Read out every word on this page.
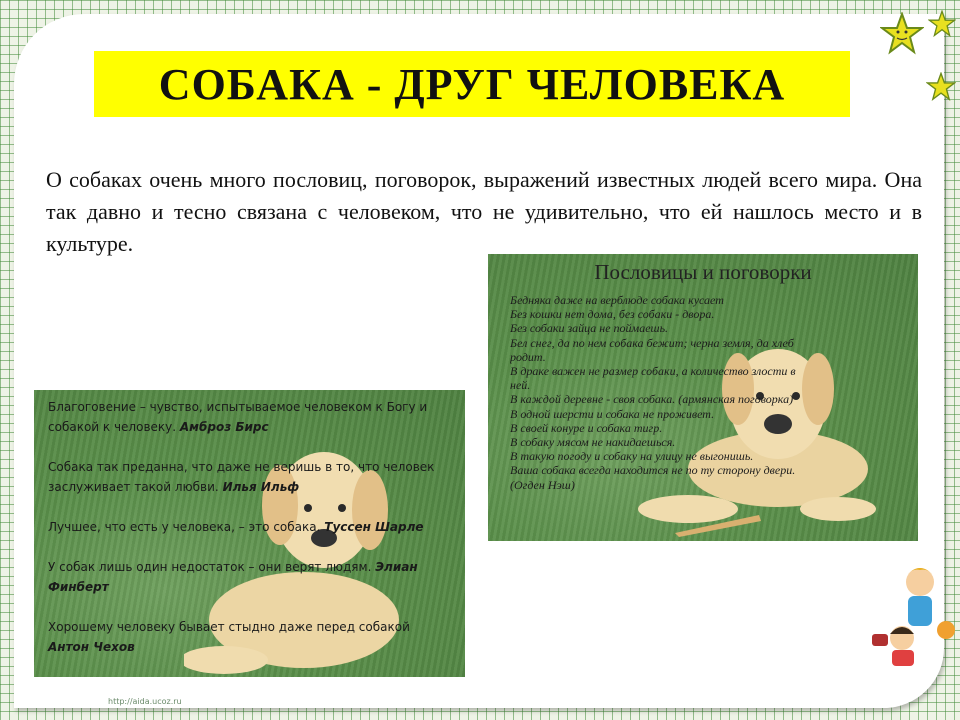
СОБАКА - ДРУГ ЧЕЛОВЕКА
О собаках очень много пословиц, поговорок, выражений известных людей всего мира. Она так давно и тесно связана с человеком, что не удивительно, что ей нашлось место и в культуре.
Пословицы и поговорки
Бедняка даже на верблюде собака кусает
Без кошки нет дома, без собаки - двора.
Без собаки зайца не поймаешь.
Бел снег, да по нем собака бежит; черна земля, да хлеб
родит.
В драке важен не размер собаки, а количество злости в
ней.
В каждой деревне - своя собака. (армянская поговорка)
В одной шерсти и собака не проживет.
В своей конуре и собака тигр.
В собаку мясом не накидаешься.
В такую погоду и собаку на улицу не выгонишь.
Ваша собака всегда находится не по ту сторону двери.
(Огден Нэш)
Благоговение – чувство, испытываемое человеком к Богу и собакой к человеку. Амброз Бирс
Собака так преданна, что даже не веришь в то, что человек заслуживает такой любви. Илья Ильф
Лучшее, что есть у человека, – это собака. Туссен Шарле
У собак лишь один недостаток – они верят людям. Элиан Финберт
Хорошему человеку бывает стыдно даже перед собакой Антон Чехов
http://aida.ucoz.ru
